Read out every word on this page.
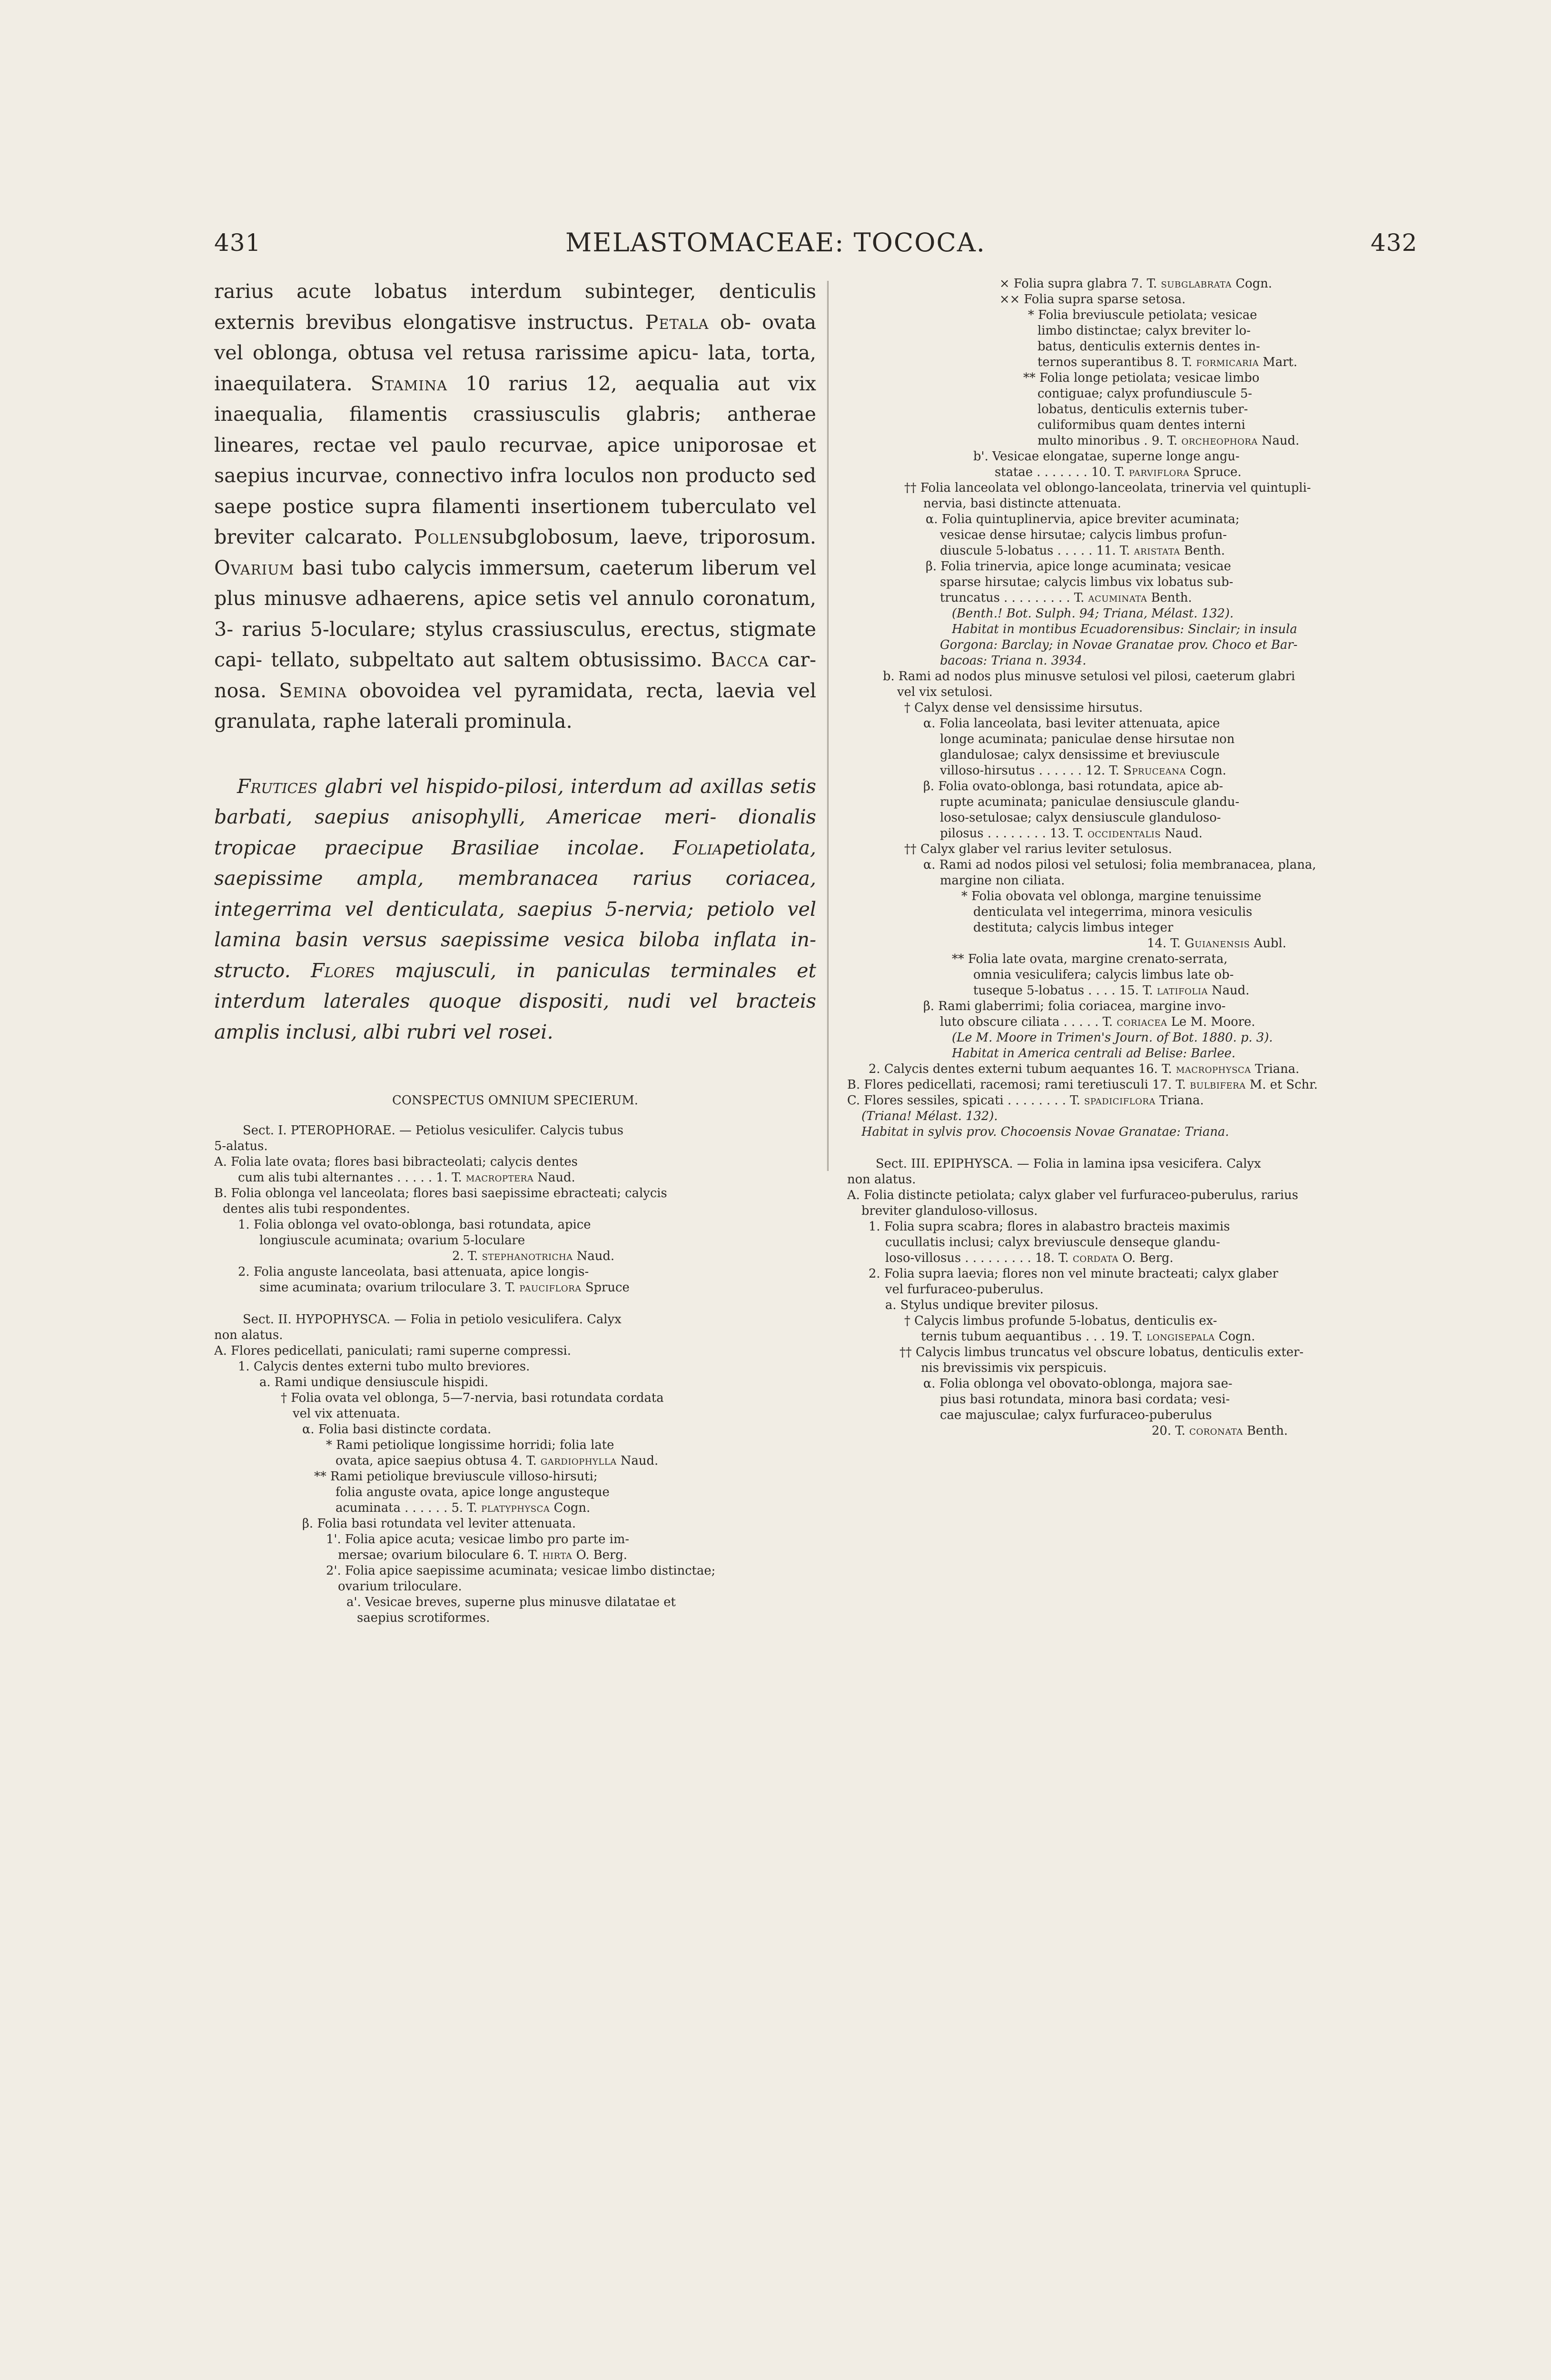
431	MELASTOMACEAE: TOCOCA.	432

rarius acute lobatus interdum subinteger, denticulis externis brevibus elongatisve instructus. Petala ob- ovata vel oblonga, obtusa vel retusa rarissime apicu- lata, torta, inaequilatera. Stamina 10 rarius 12, aequalia aut vix inaequalia, filamentis crassiusculis glabris; antherae lineares, rectae vel paulo recurvae, apice uniporosae et saepius incurvae, connectivo infra loculos non producto sed saepe postice supra filamenti insertionem tuberculato vel breviter calcarato. Pollensubglobosum, laeve, triporosum. Ovarium basi tubo calycis immersum, caeterum liberum vel plus minusve adhaerens, apice setis vel annulo coronatum, 3- rarius 5-loculare; stylus crassiusculus, erectus, stigmate capi- tellato, subpeltato aut saltem obtusissimo. Bacca car- nosa. Semina obovoidea vel pyramidata, recta, laevia vel granulata, raphe laterali prominula.

Frutices glabri vel hispido-pilosi, interdum ad axillas setis barbati, saepius anisophylli, Americae meri- dionalis tropicae praecipue Brasiliae incolae. Foliapetiolata, saepissime ampla, membranacea rarius coriacea, integerrima vel denticulata, saepius 5-nervia; petiolo vel lamina basin versus saepissime vesica biloba inflata in- structo. Flores majusculi, in paniculas terminales et interdum laterales quoque dispositi, nudi vel bracteis amplis inclusi, albi rubri vel rosei.

CONSPECTUS OMNIUM SPECIERUM.
Sect. I. PTEROPHORAE. — Petiolus vesiculifer. Calycis tubus
5-alatus.
A. Folia late ovata; flores basi bibracteolati; calycis dentes
cum alis tubi alternantes . . . . . 1. T. macroptera Naud.
B. Folia oblonga vel lanceolata; flores basi saepissime ebracteati; calycis
dentes alis tubi respondentes.
1. Folia oblonga vel ovato-oblonga, basi rotundata, apice
longiuscule acuminata; ovarium 5-loculare
2. T. stephanotricha Naud.
2. Folia anguste lanceolata, basi attenuata, apice longis-
sime acuminata; ovarium triloculare 3. T. pauciflora Spruce
Sect. II. HYPOPHYSCA. — Folia in petiolo vesiculifera. Calyx
non alatus.
A. Flores pedicellati, paniculati; rami superne compressi.
1. Calycis dentes externi tubo multo breviores.
a. Rami undique densiuscule hispidi.
† Folia ovata vel oblonga, 5—7-nervia, basi rotundata cordata
vel vix attenuata.
α. Folia basi distincte cordata.
* Rami petiolique longissime horridi; folia late
ovata, apice saepius obtusa 4. T. gardiophylla Naud.
** Rami petiolique breviuscule villoso-hirsuti;
folia anguste ovata, apice longe angusteque
acuminata . . . . . . 5. T. platyphysca Cogn.
β. Folia basi rotundata vel leviter attenuata.
1'. Folia apice acuta; vesicae limbo pro parte im-
mersae; ovarium biloculare 6. T. hirta O. Berg.
2'. Folia apice saepissime acuminata; vesicae limbo distinctae;
ovarium triloculare.
a'. Vesicae breves, superne plus minusve dilatatae et
saepius scrotiformes.
× Folia supra glabra 7. T. subglabrata Cogn.
×× Folia supra sparse setosa.
* Folia breviuscule petiolata; vesicae
limbo distinctae; calyx breviter lo-
batus, denticulis externis dentes in-
ternos superantibus 8. T. formicaria Mart.
** Folia longe petiolata; vesicae limbo
contiguae; calyx profundiuscule 5-
lobatus, denticulis externis tuber-
culiformibus quam dentes interni
multo minoribus . 9. T. orcheophora Naud.
b'. Vesicae elongatae, superne longe angu-
statae . . . . . . . 10. T. parviflora Spruce.
†† Folia lanceolata vel oblongo-lanceolata, trinervia vel quintupli-
nervia, basi distincte attenuata.
α. Folia quintuplinervia, apice breviter acuminata;
vesicae dense hirsutae; calycis limbus profun-
diuscule 5-lobatus . . . . . 11. T. aristata Benth.
β. Folia trinervia, apice longe acuminata; vesicae
sparse hirsutae; calycis limbus vix lobatus sub-
truncatus . . . . . . . . . T. acuminata Benth.
(Benth.! Bot. Sulph. 94; Triana, Mélast. 132).
Habitat in montibus Ecuadorensibus: Sinclair; in insula
Gorgona: Barclay; in Novae Granatae prov. Choco et Bar-
bacoas: Triana n. 3934.
b. Rami ad nodos plus minusve setulosi vel pilosi, caeterum glabri
vel vix setulosi.
† Calyx dense vel densissime hirsutus.
α. Folia lanceolata, basi leviter attenuata, apice
longe acuminata; paniculae dense hirsutae non
glandulosae; calyx densissime et breviuscule
villoso-hirsutus . . . . . . 12. T. Spruceana Cogn.
β. Folia ovato-oblonga, basi rotundata, apice ab-
rupte acuminata; paniculae densiuscule glandu-
loso-setulosae; calyx densiuscule glanduloso-
pilosus . . . . . . . . 13. T. occidentalis Naud.
†† Calyx glaber vel rarius leviter setulosus.
α. Rami ad nodos pilosi vel setulosi; folia membranacea, plana,
margine non ciliata.
* Folia obovata vel oblonga, margine tenuissime
denticulata vel integerrima, minora vesiculis
destituta; calycis limbus integer
14. T. Guianensis Aubl.
** Folia late ovata, margine crenato-serrata,
omnia vesiculifera; calycis limbus late ob-
tuseque 5-lobatus . . . . 15. T. latifolia Naud.
β. Rami glaberrimi; folia coriacea, margine invo-
luto obscure ciliata . . . . . T. coriacea Le M. Moore.
(Le M. Moore in Trimen's Journ. of Bot. 1880. p. 3).
Habitat in America centrali ad Belise: Barlee.
2. Calycis dentes externi tubum aequantes 16. T. macrophysca Triana.
B. Flores pedicellati, racemosi; rami teretiusculi 17. T. bulbifera M. et Schr.
C. Flores sessiles, spicati . . . . . . . . T. spadiciflora Triana.
(Triana! Mélast. 132).
Habitat in sylvis prov. Chocoensis Novae Granatae: Triana.
Sect. III. EPIPHYSCA. — Folia in lamina ipsa vesicifera. Calyx
non alatus.
A. Folia distincte petiolata; calyx glaber vel furfuraceo-puberulus, rarius
breviter glanduloso-villosus.
1. Folia supra scabra; flores in alabastro bracteis maximis
cucullatis inclusi; calyx breviuscule denseque glandu-
loso-villosus . . . . . . . . . 18. T. cordata O. Berg.
2. Folia supra laevia; flores non vel minute bracteati; calyx glaber
vel furfuraceo-puberulus.
a. Stylus undique breviter pilosus.
† Calycis limbus profunde 5-lobatus, denticulis ex-
ternis tubum aequantibus . . . 19. T. longisepala Cogn.
†† Calycis limbus truncatus vel obscure lobatus, denticulis exter-
nis brevissimis vix perspicuis.
α. Folia oblonga vel obovato-oblonga, majora sae-
pius basi rotundata, minora basi cordata; vesi-
cae majusculae; calyx furfuraceo-puberulus
20. T. coronata Benth.
